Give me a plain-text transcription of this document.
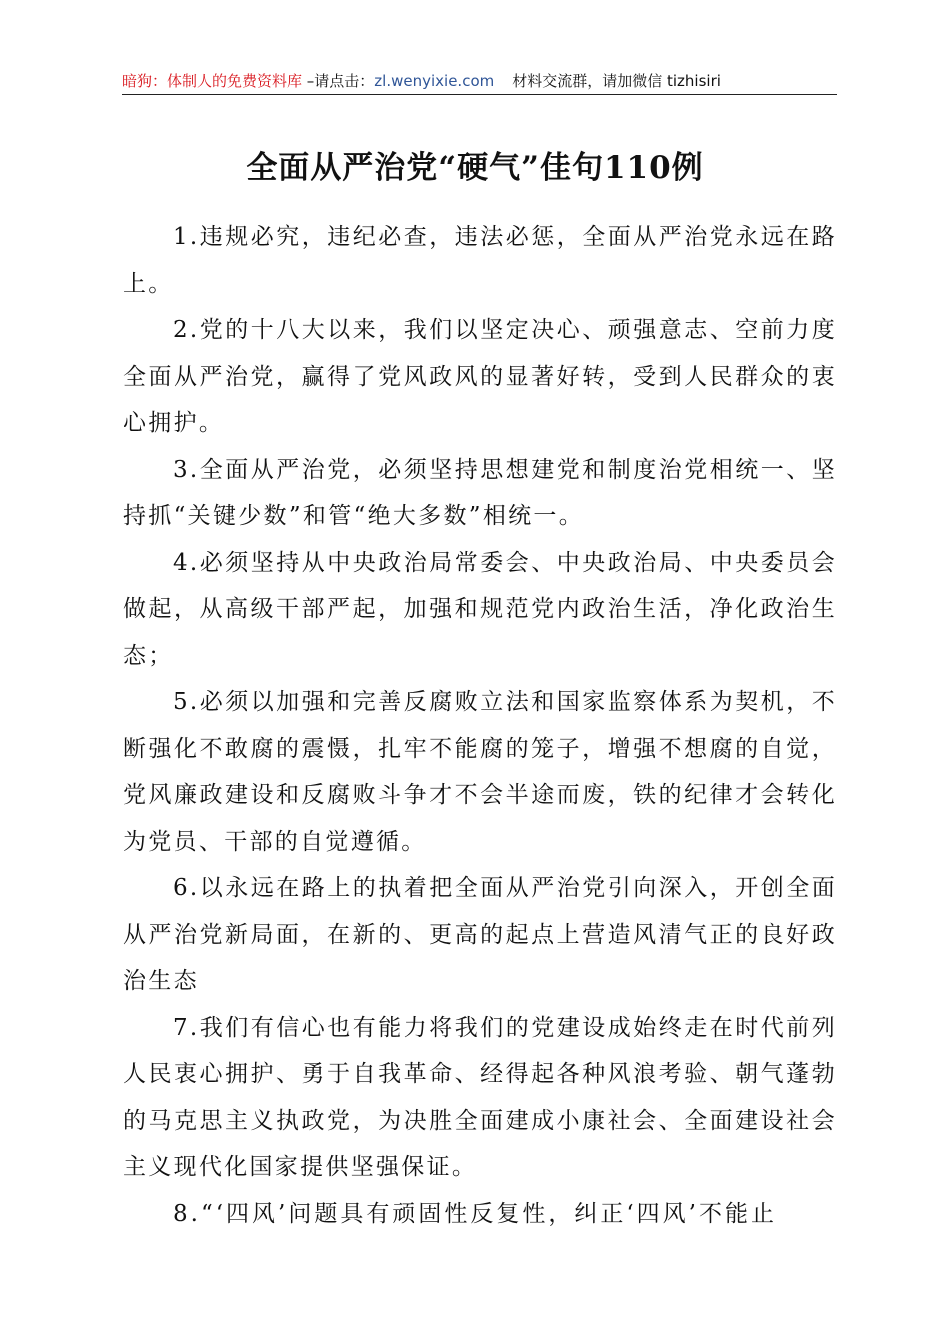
暗狗：体制人的免费资料库 –请点击：zl.wenyixie.com 材料交流群，请加微信 tizhisiri
全面从严治党“硬气”佳句110例

1.违规必究，违纪必查，违法必惩，全面从严治党永远在路上。

2.党的十八大以来，我们以坚定决心、顽强意志、空前力度全面从严治党，赢得了党风政风的显著好转，受到人民群众的衷心拥护。

3.全面从严治党，必须坚持思想建党和制度治党相统一、坚持抓“关键少数”和管“绝大多数”相统一。

4.必须坚持从中央政治局常委会、中央政治局、中央委员会做起，从高级干部严起，加强和规范党内政治生活，净化政治生态；

5.必须以加强和完善反腐败立法和国家监察体系为契机，不断强化不敢腐的震慑，扎牢不能腐的笼子，增强不想腐的自觉，党风廉政建设和反腐败斗争才不会半途而废，铁的纪律才会转化为党员、干部的自觉遵循。

6.以永远在路上的执着把全面从严治党引向深入，开创全面从严治党新局面，在新的、更高的起点上营造风清气正的良好政治生态

7.我们有信心也有能力将我们的党建设成始终走在时代前列人民衷心拥护、勇于自我革命、经得起各种风浪考验、朝气蓬勃的马克思主义执政党，为决胜全面建成小康社会、全面建设社会主义现代化国家提供坚强保证。

8.“‘四风’问题具有顽固性反复性，纠正‘四风’不能止
